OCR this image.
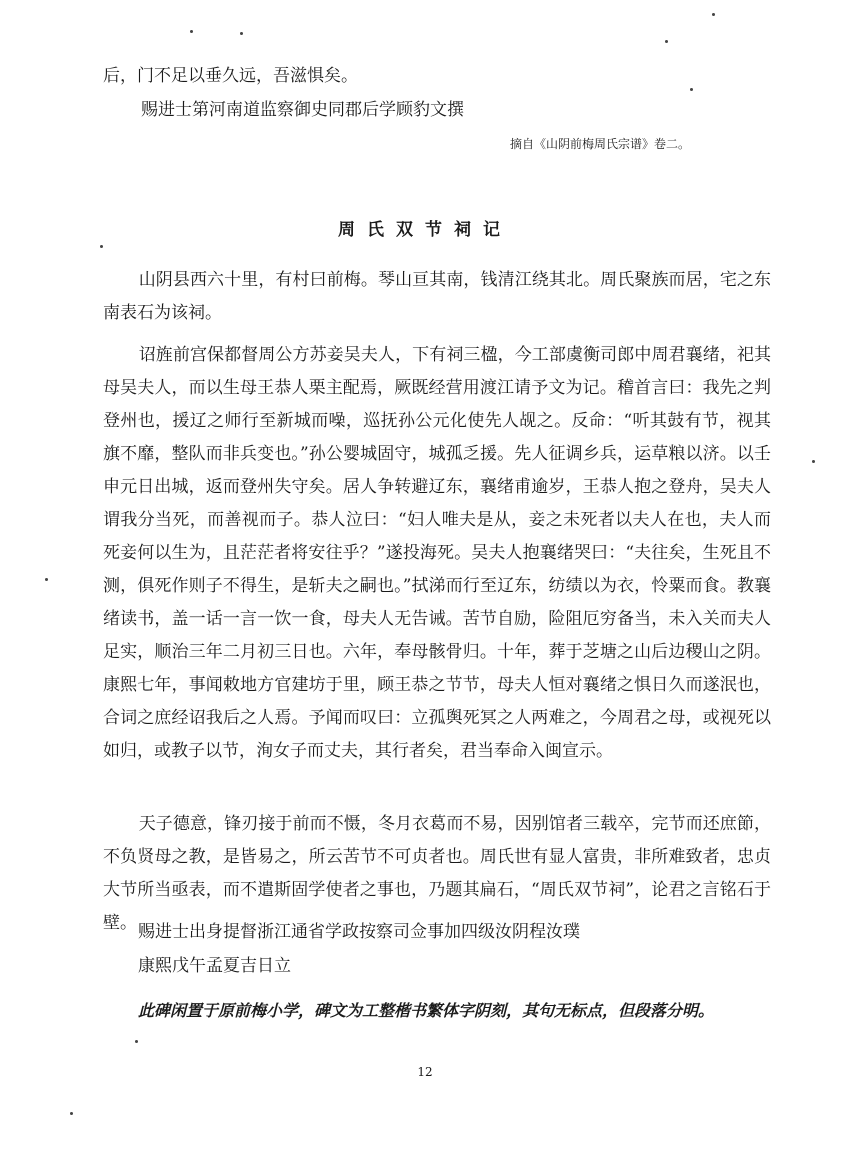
后，门不足以垂久远，吾滋惧矣。
赐进士第河南道监察御史同郡后学顾豹文撰
摘自《山阴前梅周氏宗谱》卷二。
周氏双节祠记

山阴县西六十里，有村曰前梅。琴山亘其南，钱清江绕其北。周氏聚族而居，宅之东南表石为该祠。

诏旌前宫保都督周公方苏妾吴夫人，下有祠三楹，今工部虞衡司郎中周君襄绪，祀其母吴夫人，而以生母王恭人栗主配焉，厥既经营用渡江请予文为记。稽首言曰：我先之判登州也，援辽之师行至新城而噪，巡抚孙公元化使先人觇之。反命：“听其鼓有节，视其旗不靡，整队而非兵变也。”孙公婴城固守，城孤乏援。先人征调乡兵，运草粮以济。以壬申元日出城，返而登州失守矣。居人争转避辽东，襄绪甫逾岁，王恭人抱之登舟，吴夫人谓我分当死，而善视而子。恭人泣曰：“妇人唯夫是从，妾之未死者以夫人在也，夫人而死妾何以生为，且茫茫者将安往乎？”遂投海死。吴夫人抱襄绪哭曰：“夫往矣，生死且不测，俱死作则子不得生，是斩夫之嗣也。”拭涕而行至辽东，纺绩以为衣，怜粟而食。教襄绪读书，盖一话一言一饮一食，母夫人无告诫。苦节自励，险阻厄穷备当，未入关而夫人足实，顺治三年二月初三日也。六年，奉母骸骨归。十年，葬于芝塘之山后边稷山之阴。康熙七年，事闻敕地方官建坊于里，顾王恭之节节，母夫人恒对襄绪之惧日久而遂泯也，合词之庶经诏我后之人焉。予闻而叹曰：立孤舆死冥之人两难之，今周君之母，或视死以如归，或教子以节，洵女子而丈夫，其行者矣，君当奉命入闽宣示。

天子德意，锋刃接于前而不慑，冬月衣葛而不易，因别馆者三载卒，完节而还庶節，不负贤母之教，是皆易之，所云苦节不可贞者也。周氏世有显人富贵，非所难致者，忠贞大节所当亟表，而不遣斯固学使者之事也，乃题其扁石，“周氏双节祠”，论君之言铭石于壁。 赐进士出身提督浙江通省学政按察司佥事加四级汝阴程汝璞
康熙戊午孟夏吉日立
此碑闲置于原前梅小学，碑文为工整楷书繁体字阴刻，其句无标点，但段落分明。
12
